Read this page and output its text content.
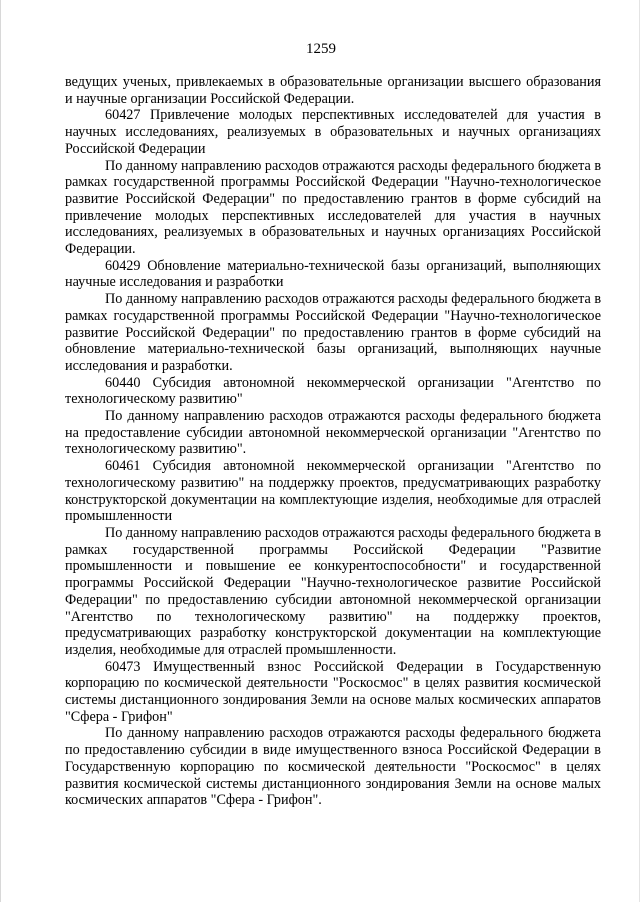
1259

ведущих ученых, привлекаемых в образовательные организации высшего образования и научные организации Российской Федерации.

60427 Привлечение молодых перспективных исследователей для участия в научных исследованиях, реализуемых в образовательных и научных организациях Российской Федерации

По данному направлению расходов отражаются расходы федерального бюджета в рамках государственной программы Российской Федерации "Научно-технологическое развитие Российской Федерации" по предоставлению грантов в форме субсидий на привлечение молодых перспективных исследователей для участия в научных исследованиях, реализуемых в образовательных и научных организациях Российской Федерации.

60429 Обновление материально-технической базы организаций, выполняющих научные исследования и разработки

По данному направлению расходов отражаются расходы федерального бюджета в рамках государственной программы Российской Федерации "Научно-технологическое развитие Российской Федерации" по предоставлению грантов в форме субсидий на обновление материально-технической базы организаций, выполняющих научные исследования и разработки.

60440 Субсидия автономной некоммерческой организации "Агентство по технологическому развитию"

По данному направлению расходов отражаются расходы федерального бюджета на предоставление субсидии автономной некоммерческой организации "Агентство по технологическому развитию".

60461 Субсидия автономной некоммерческой организации "Агентство по технологическому развитию" на поддержку проектов, предусматривающих разработку конструкторской документации на комплектующие изделия, необходимые для отраслей промышленности

По данному направлению расходов отражаются расходы федерального бюджета в рамках государственной программы Российской Федерации "Развитие промышленности и повышение ее конкурентоспособности" и государственной программы Российской Федерации "Научно-технологическое развитие Российской Федерации" по предоставлению субсидии автономной некоммерческой организации "Агентство по технологическому развитию" на поддержку проектов, предусматривающих разработку конструкторской документации на комплектующие изделия, необходимые для отраслей промышленности.

60473 Имущественный взнос Российской Федерации в Государственную корпорацию по космической деятельности "Роскосмос" в целях развития космической системы дистанционного зондирования Земли на основе малых космических аппаратов "Сфера - Грифон"

По данному направлению расходов отражаются расходы федерального бюджета по предоставлению субсидии в виде имущественного взноса Российской Федерации в Государственную корпорацию по космической деятельности "Роскосмос" в целях развития космической системы дистанционного зондирования Земли на основе малых космических аппаратов "Сфера - Грифон".
